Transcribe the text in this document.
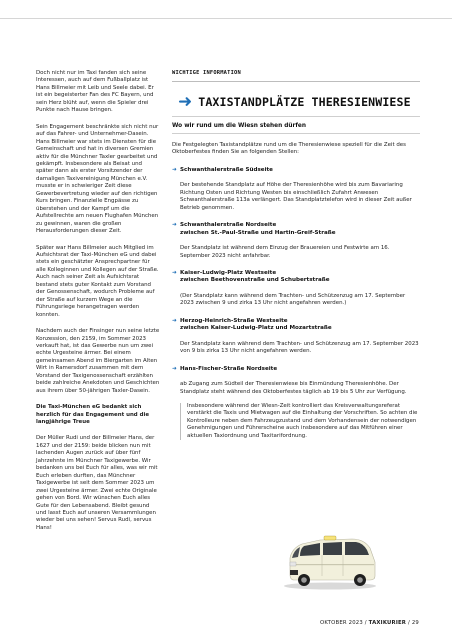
Doch nicht nur im Taxi fanden sich seine Interessen, auch auf dem Fußballplatz ist Hans Billmeier mit Leib und Seele dabei. Er ist ein begeisterter Fan des FC Bayern, und sein Herz blüht auf, wenn die Spieler drei Punkte nach Hause bringen.

Sein Engagement beschränkte sich nicht nur auf das Fahrer- und Unternehmer-Dasein. Hans Billmeier war stets im Diensten für die Gemeinschaft und hat in diversen Gremien aktiv für die Münchner Taxler gearbeitet und gekämpft. Insbesondere als Beisat und später dann als erster Vorsitzender der damaligen Taxivereinigung München e.V. musste er in schwieriger Zeit diese Gewerbevertretung wieder auf den richtigen Kurs bringen. Finanzielle Engpässe zu überstehen und der Kampf um die Aufstellrechte am neuen Flughafen München zu gewinnen, waren die großen Herausforderungen dieser Zeit.

Später war Hans Billmeier auch Mitglied im Aufsichtsrat der Taxi-München eG und dabei stets ein geschätzter Ansprechpartner für alle Kolleginnen und Kollegen auf der Straße. Auch nach seiner Zeit als Aufsichtsrat bestand stets guter Kontakt zum Vorstand der Genossenschaft, wodurch Probleme auf der Straße auf kurzem Wege an die Führungsriege herangetragen werden konnten.

Nachdem auch der Finsinger nun seine letzte Konzession, den 2159, im Sommer 2023 verkauft hat, ist das Gewerbe nun um zwei echte Urgesteine ärmer. Bei einem gemeinsamen Abend im Biergarten im Alten Wirt in Ramersdorf zusammen mit dem Vorstand der Taxigenossenschaft erzählten beide zahlreiche Anekdoten und Geschichten aus ihrem über 50-jährigen Taxler-Dasein.

Die Taxi-München eG bedankt sich herzlich für das Engagement und die langjährige Treue

Der Müller Rudi und der Billmeier Hans, der 1627 und der 2159: beide blicken nun mit lachenden Augen zurück auf über fünf Jahrzehnte im Münchner Taxigewerbe. Wir bedanken uns bei Euch für alles, was wir mit Euch erleben durften, das Münchner Taxigewerbe ist seit dem Sommer 2023 um zwei Urgesteine ärmer. Zwei echte Originale gehen von Bord. Wir wünschen Euch alles Gute für den Lebensabend. Bleibt gesund und lasst Euch auf unseren Versammlungen wieder bei uns sehen! Servus Rudi, servus Hans!

WICHTIGE INFORMATION
➜ TAXISTANDPLÄTZE THERESIENWIESE
Wo wir rund um die Wiesn stehen dürfen
Die Festgelegten Taxistandplätze rund um die Theresienwiese speziell für die Zeit des Oktoberfestes finden Sie an folgenden Stellen:
➜ Schwanthalerstraße Südseite
Der bestehende Standplatz auf Höhe der Theresienhöhe wird bis zum Bavariaring Richtung Osten und Richtung Westen bis einschließlich Zufahrt Anwesen Schwanthalerstraße 113a verlängert. Das Standplatztelefon wird in dieser Zeit außer Betrieb genommen.
➜ Schwanthalerstraße Nordseite
zwischen St.-Paul-Straße und Hartin-Greif-Straße
Der Standplatz ist während dem Einzug der Brauereien und Festwirte am 16. September 2023 nicht anfahrbar.
➜ Kaiser-Ludwig-Platz Westseite
zwischen Beethovenstraße und Schubertstraße
(Der Standplatz kann während dem Trachten- und Schützenzug am 17. September 2023 zwischen 9 und zirka 13 Uhr nicht angefahren werden.)
➜ Herzog-Heinrich-Straße Westseite
zwischen Kaiser-Ludwig-Platz und Mozartstraße
Der Standplatz kann während dem Trachten- und Schützenzug am 17. September 2023 von 9 bis zirka 13 Uhr nicht angefahren werden.
➜ Hans-Fischer-Straße Nordseite
ab Zugang zum Südteil der Theresienwiese bis Einmündung Theresienhöhe. Der Standplatz steht während des Oktoberfestes täglich ab 19 bis 5 Uhr zur Verfügung.
Insbesondere während der Wiesn-Zeit kontrolliert das Kreisverwaltungsreferat verstärkt die Taxis und Mietwagen auf die Einhaltung der Vorschriften. So achten die Kontrolleure neben dem Fahrzeugzustand und dem Vorhandensein der notwendigen Genehmigungen und Führerscheine auch insbesondere auf das Mitführen einer aktuellen Taxiordnung und Taxitarifordnung.
OKTOBER 2023 / TAXIKURIER / 29
